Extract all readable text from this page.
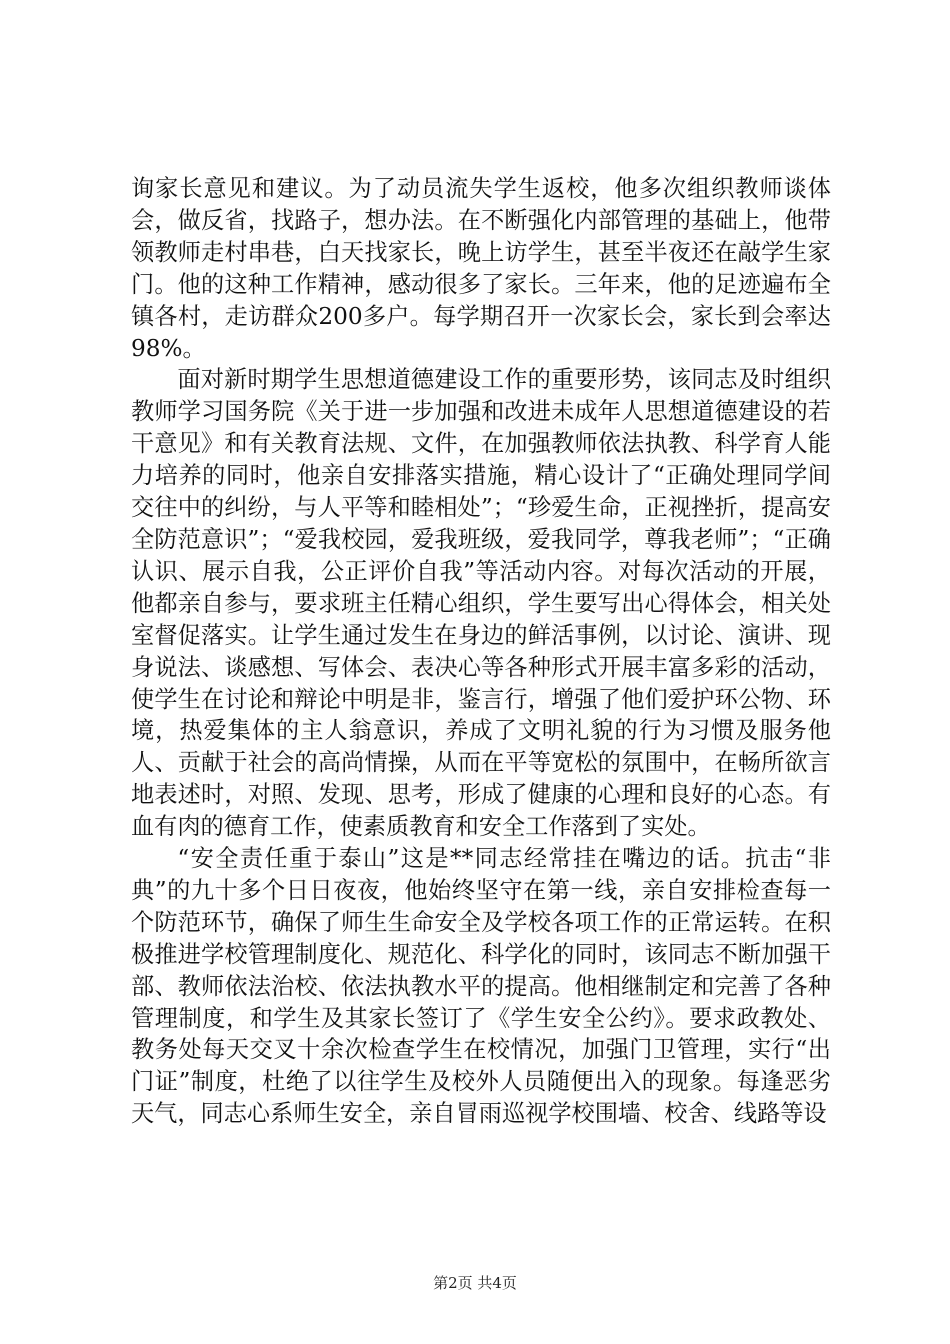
询家长意见和建议。为了动员流失学生返校，他多次组织教师谈体会，做反省，找路子，想办法。在不断强化内部管理的基础上，他带领教师走村串巷，白天找家长，晚上访学生，甚至半夜还在敲学生家门。他的这种工作精神，感动很多了家长。三年来，他的足迹遍布全镇各村，走访群众200多户。每学期召开一次家长会，家长到会率达98%。

面对新时期学生思想道德建设工作的重要形势，该同志及时组织教师学习国务院《关于进一步加强和改进未成年人思想道德建设的若干意见》和有关教育法规、文件，在加强教师依法执教、科学育人能力培养的同时，他亲自安排落实措施，精心设计了“正确处理同学间交往中的纠纷，与人平等和睦相处”；“珍爱生命，正视挫折，提高安全防范意识”；“爱我校园，爱我班级，爱我同学，尊我老师”；“正确认识、展示自我，公正评价自我”等活动内容。对每次活动的开展，他都亲自参与，要求班主任精心组织，学生要写出心得体会，相关处室督促落实。让学生通过发生在身边的鲜活事例，以讨论、演讲、现身说法、谈感想、写体会、表决心等各种形式开展丰富多彩的活动，使学生在讨论和辩论中明是非，鉴言行，增强了他们爱护环公物、环境，热爱集体的主人翁意识，养成了文明礼貌的行为习惯及服务他人、贡献于社会的高尚情操，从而在平等宽松的氛围中，在畅所欲言地表述时，对照、发现、思考，形成了健康的心理和良好的心态。有血有肉的德育工作，使素质教育和安全工作落到了实处。

“安全责任重于泰山”这是**同志经常挂在嘴边的话。抗击“非典”的九十多个日日夜夜，他始终坚守在第一线，亲自安排检查每一个防范环节，确保了师生生命安全及学校各项工作的正常运转。在积极推进学校管理制度化、规范化、科学化的同时，该同志不断加强干部、教师依法治校、依法执教水平的提高。他相继制定和完善了各种管理制度，和学生及其家长签订了《学生安全公约》。要求政教处、教务处每天交叉十余次检查学生在校情况，加强门卫管理，实行“出门证”制度，杜绝了以往学生及校外人员随便出入的现象。每逢恶劣天气，同志心系师生安全，亲自冒雨巡视学校围墙、校舍、线路等设

第2页 共4页
